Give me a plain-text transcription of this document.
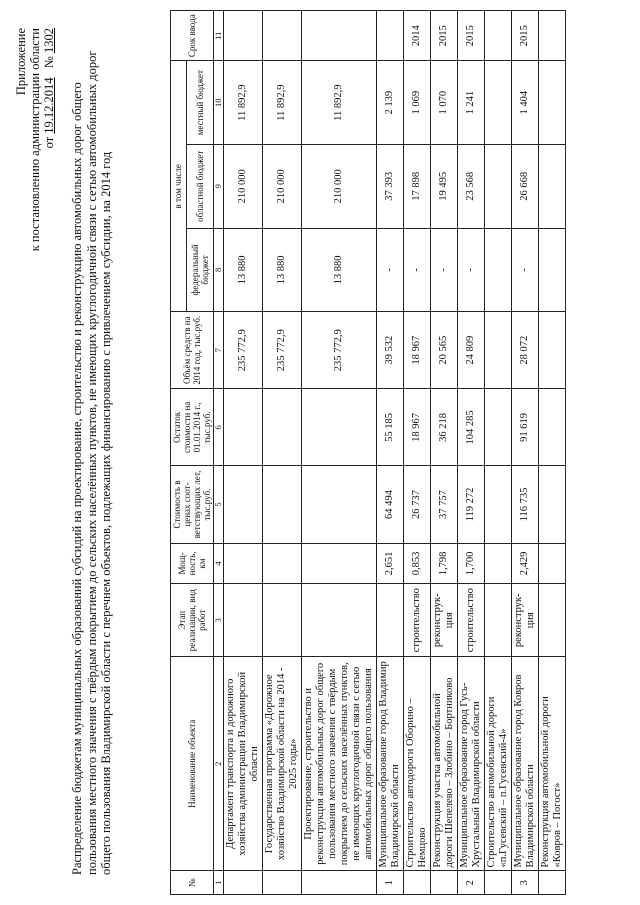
Приложение к постановлению администрации области от 19.12.2014   № 1302
Распределение бюджетам муниципальных образований субсидий на проектирование, строительство и реконструкцию автомобильных дорог общего пользования местного значения с твёрдым покрытием до сельских населённых пунктов, не имеющих круглогодичной связи с сетью автомобильных дорог общего пользования Владимирской области с перечнем объектов, подлежащих финансированию с привлечением субсидии, на 2014 год
№	Наименование объекта	Этап реализации, вид работ	Мощ-ность, км	Стоимость в ценах соот-ветствующих лет, тыс.руб.	Остаток стоимости на 01.01.2014 г., тыс.руб.	Объём средств на 2014 год, тыс.руб.	в том числе			Срок ввода
							федеральный бюджет	областной бюджет	местный бюджет	
1	2	3	4	5	6	7	8	9	10	11
	Департамент транспорта и дорожного хозяйства администрации Владимирской области					235 772,9	13 880	210 000	11 892,9	
	Государственная программа «Дорожное хозяйство Владимирской области на 2014 - 2025 годы»					235 772,9	13 880	210 000	11 892,9	
	Проектирование, строительство и реконструкция автомобильных дорог общего пользования местного значения с твёрдым покрытием до сельских населённых пунктов, не имеющих круглогодичной связи с сетью автомобильных дорог общего пользования					235 772,9	13 880	210 000	11 892,9	
1	Муниципальное образование город Владимир Владимирской области		2,651	64 494	55 185	39 532	-	37 393	2 139	
	Строительство автодороги Оборино – Немцово	строительство	0,853	26 737	18 967	18 967	-	17 898	1 069	2014
	Реконструкция участка автомобильной дороги Шепелево – Злобино – Бортниково	реконструк-ция	1,798	37 757	36 218	20 565	-	19 495	1 070	2015
2	Муниципальное образование город Гусь-Хрустальный Владимирской области	строительство	1,700	119 272	104 285	24 809	-	23 568	1 241	2015
	Строительство автомобильной дороги «п.Гусевский – п.Гусевский-4»									
3	Муниципальное образование город Ковров Владимирской области	реконструк-ция	2,429	116 735	91 619	28 072	-	26 668	1 404	2015
	Реконструкция автомобильной дороги «Ковров – Погост»									
